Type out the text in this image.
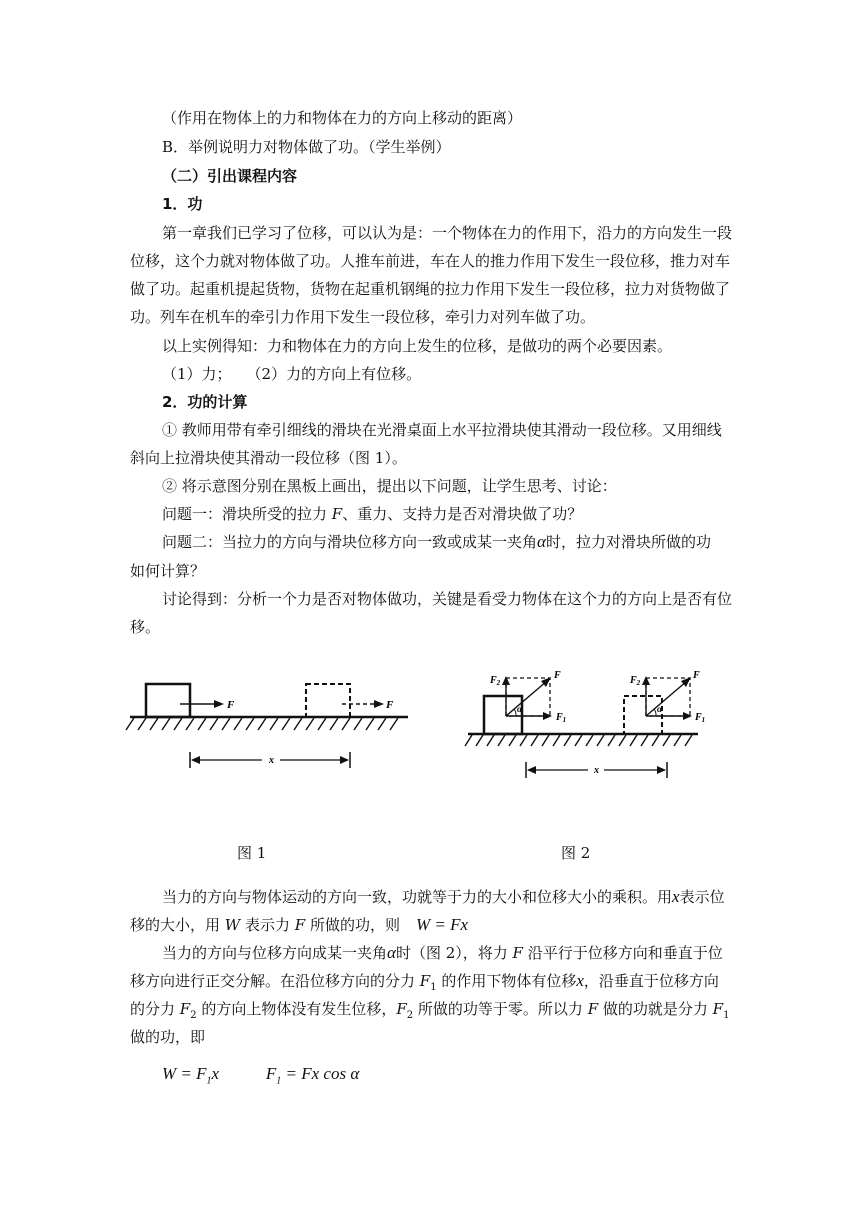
（作用在物体上的力和物体在力的方向上移动的距离）
B．举例说明力对物体做了功。（学生举例）
（二）引出课程内容
1．功
第一章我们已学习了位移，可以认为是：一个物体在力的作用下，沿力的方向发生一段
位移，这个力就对物体做了功。人推车前进，车在人的推力作用下发生一段位移，推力对车
做了功。起重机提起货物，货物在起重机钢绳的拉力作用下发生一段位移，拉力对货物做了
功。列车在机车的牵引力作用下发生一段位移，牵引力对列车做了功。
以上实例得知：力和物体在力的方向上发生的位移，是做功的两个必要因素。
（1）力；　　（2）力的方向上有位移。
2．功的计算
① 教师用带有牵引细线的滑块在光滑桌面上水平拉滑块使其滑动一段位移。又用细线
斜向上拉滑块使其滑动一段位移（图 1）。
② 将示意图分别在黑板上画出，提出以下问题，让学生思考、讨论：
问题一：滑块所受的拉力 F、重力、支持力是否对滑块做了功？
问题二：当拉力的方向与滑块位移方向一致或成某一夹角α时，拉力对滑块所做的功
如何计算？
讨论得到：分析一个力是否对物体做功，关键是看受力物体在这个力的方向上是否有位
移。
F	F
x
α
F
$F_2$
$F_1$
α
F
$F_2$
$F_1$
x
图 1	图 2
当力的方向与物体运动的方向一致，功就等于力的大小和位移大小的乘积。用x表示位
移的大小，用 W 表示力 F 所做的功，则 W = Fx
当力的方向与位移方向成某一夹角α时（图 2），将力 F 沿平行于位移方向和垂直于位
移方向进行正交分解。在沿位移方向的分力 $F_1$ 的作用下物体有位移x，沿垂直于位移方向
的分力 $F_2$ 的方向上物体没有发生位移，$F_2$ 所做的功等于零。所以力 F 做的功就是分力 $F_1$
做的功，即
$W = F_1x$	$F_1 = Fx$ cos α
